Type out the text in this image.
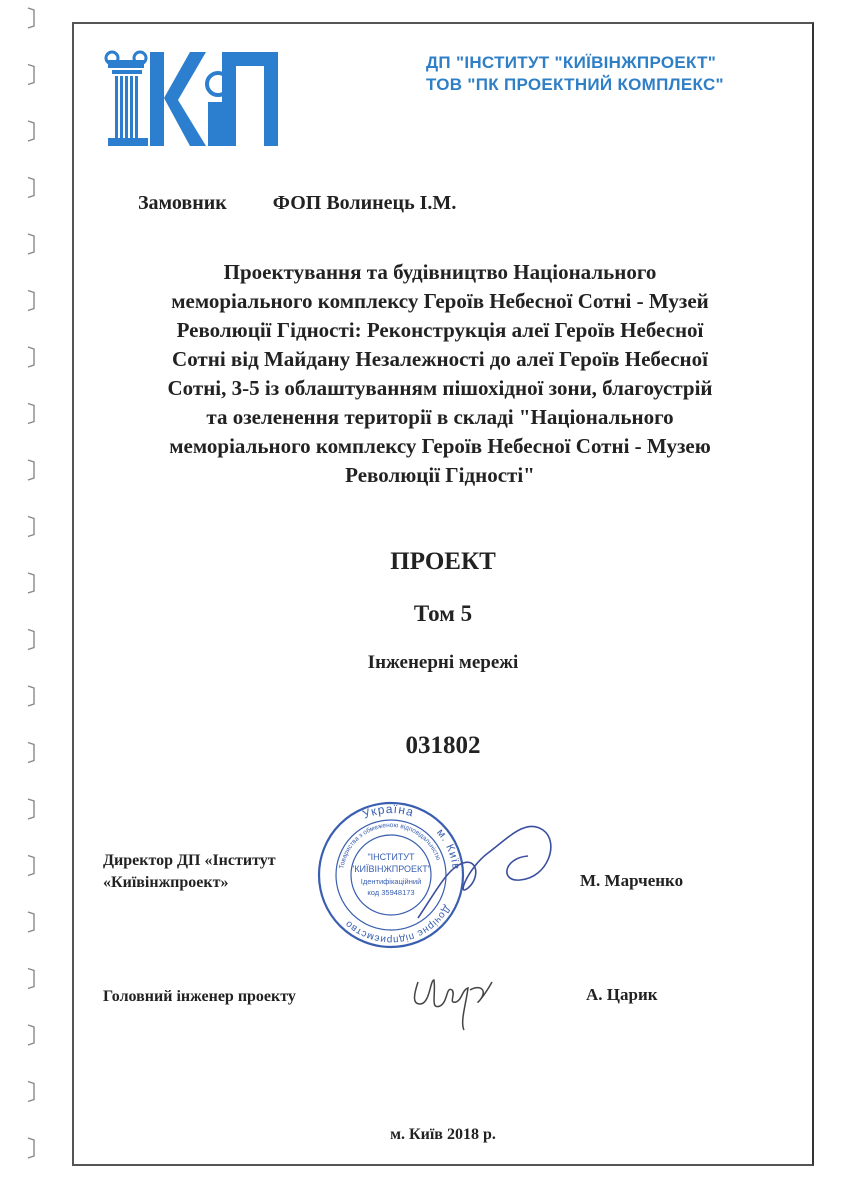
ДП "ІНСТИТУТ "КИЇВІНЖПРОЕКТ"
ТОВ "ПК ПРОЕКТНИЙ КОМПЛЕКС"
Замовник ФОП Волинець І.М.
Проектування та будівництво Національного
меморіального комплексу Героїв Небесної Сотні - Музей
Революції Гідності: Реконструкція алеї Героїв Небесної
Сотні від Майдану Незалежності до алеї Героїв Небесної
Сотні, 3-5 із облаштуванням пішохідної зони, благоустрій
та озеленення території в складі "Національного
меморіального комплексу Героїв Небесної Сотні - Музею
Революції Гідності"
ПРОЕКТ
Том 5
Інженерні мережі
031802
Україна
м. Київ
Дочірнє підприємство
Товариства з обмеженою відповідальністю
"ІНСТИТУТ
"КИЇВІНЖПРОЕКТ"
Ідентифікаційний
код 35948173
Директор ДП «Інститут
«Київінжпроект»	М. Марченко
Головний інженер проекту	А. Царик
м. Київ 2018 р.
